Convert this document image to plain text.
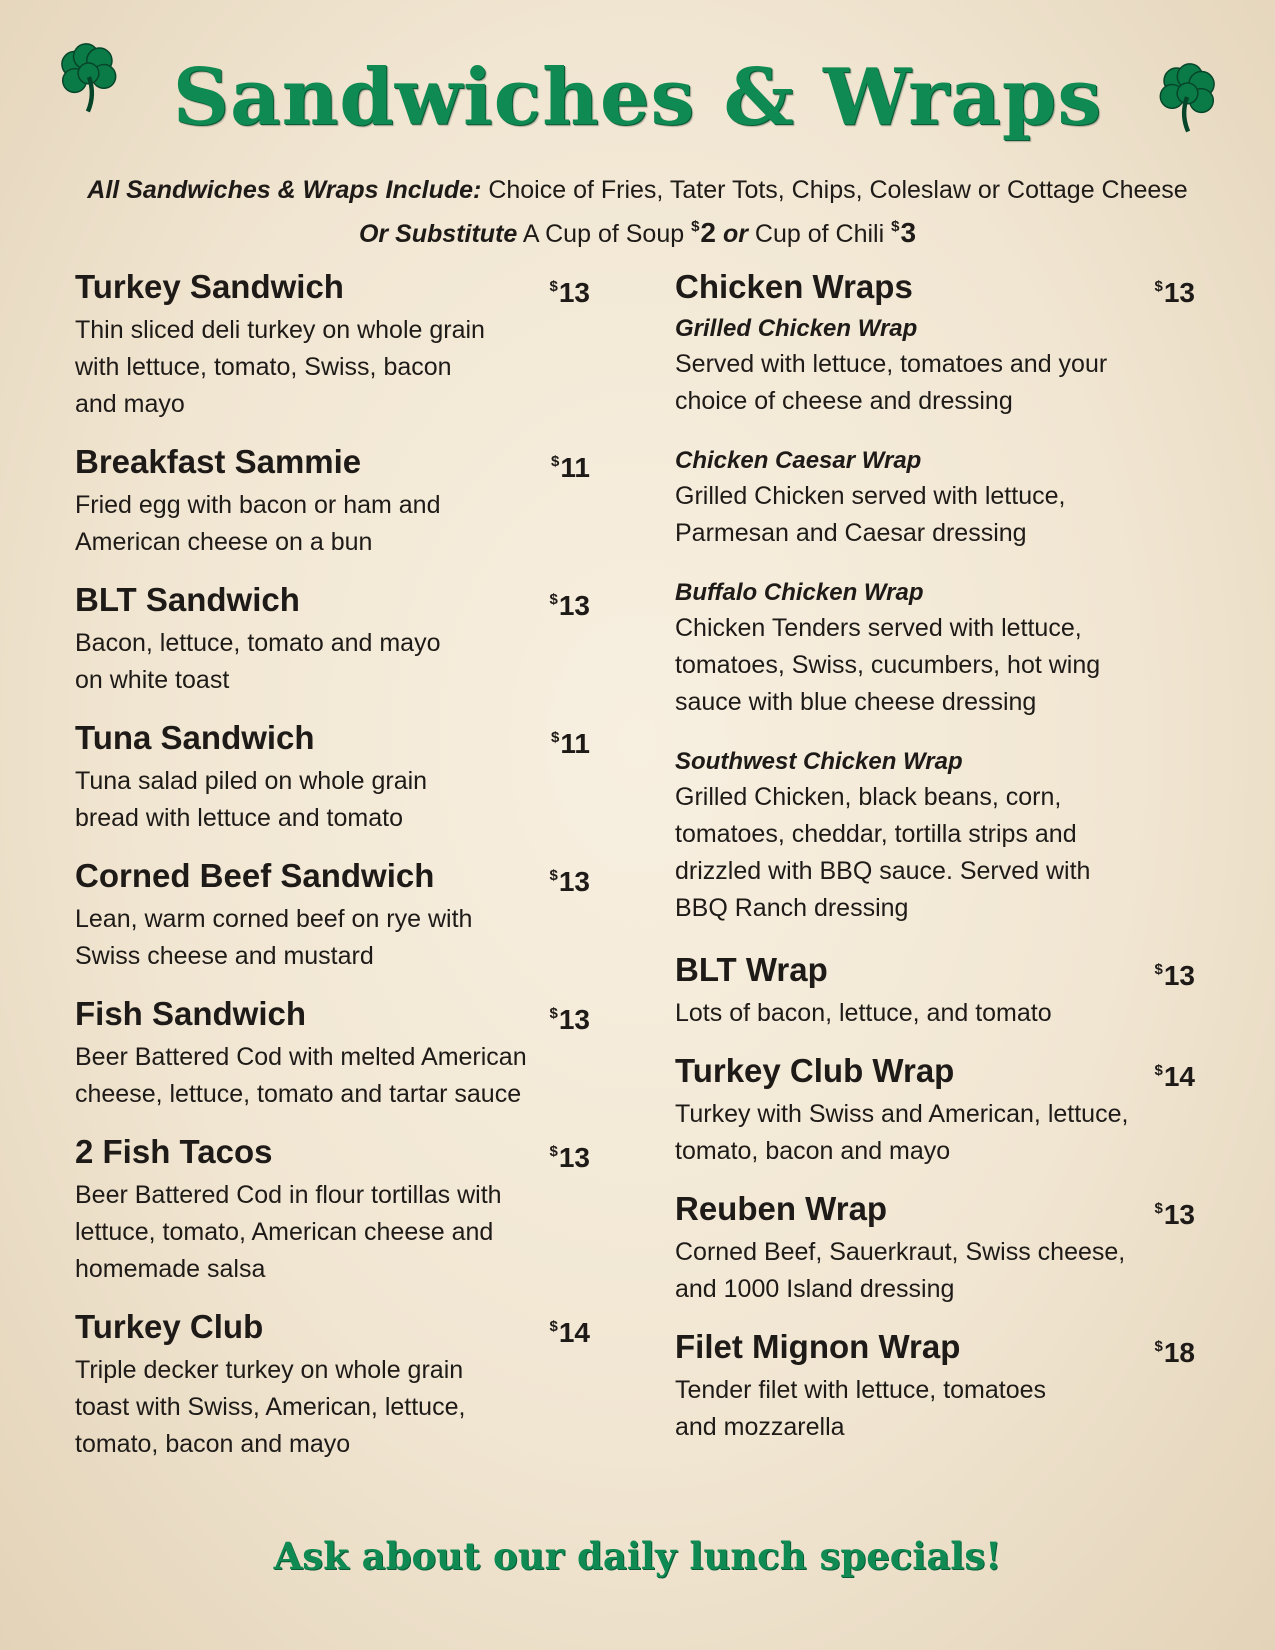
Sandwiches & Wraps
All Sandwiches & Wraps Include: Choice of Fries, Tater Tots, Chips, Coleslaw or Cottage Cheese
Or Substitute A Cup of Soup $2 or Cup of Chili $3
Turkey Sandwich	$13
Thin sliced deli turkey on whole grain
with lettuce, tomato, Swiss, bacon
and mayo
Breakfast Sammie	$11
Fried egg with bacon or ham and
American cheese on a bun
BLT Sandwich	$13
Bacon, lettuce, tomato and mayo
on white toast
Tuna Sandwich	$11
Tuna salad piled on whole grain
bread with lettuce and tomato
Corned Beef Sandwich	$13
Lean, warm corned beef on rye with
Swiss cheese and mustard
Fish Sandwich	$13
Beer Battered Cod with melted American
cheese, lettuce, tomato and tartar sauce
2 Fish Tacos	$13
Beer Battered Cod in flour tortillas with
lettuce, tomato, American cheese and
homemade salsa
Turkey Club	$14
Triple decker turkey on whole grain
toast with Swiss, American, lettuce,
tomato, bacon and mayo
Chicken Wraps	$13
Grilled Chicken Wrap
Served with lettuce, tomatoes and your
choice of cheese and dressing
Chicken Caesar Wrap
Grilled Chicken served with lettuce,
Parmesan and Caesar dressing
Buffalo Chicken Wrap
Chicken Tenders served with lettuce,
tomatoes, Swiss, cucumbers, hot wing
sauce with blue cheese dressing
Southwest Chicken Wrap
Grilled Chicken, black beans, corn,
tomatoes, cheddar, tortilla strips and
drizzled with BBQ sauce. Served with
BBQ Ranch dressing
BLT Wrap	$13
Lots of bacon, lettuce, and tomato
Turkey Club Wrap	$14
Turkey with Swiss and American, lettuce,
tomato, bacon and mayo
Reuben Wrap	$13
Corned Beef, Sauerkraut, Swiss cheese,
and 1000 Island dressing
Filet Mignon Wrap	$18
Tender filet with lettuce, tomatoes
and mozzarella
Ask about our daily lunch specials!
